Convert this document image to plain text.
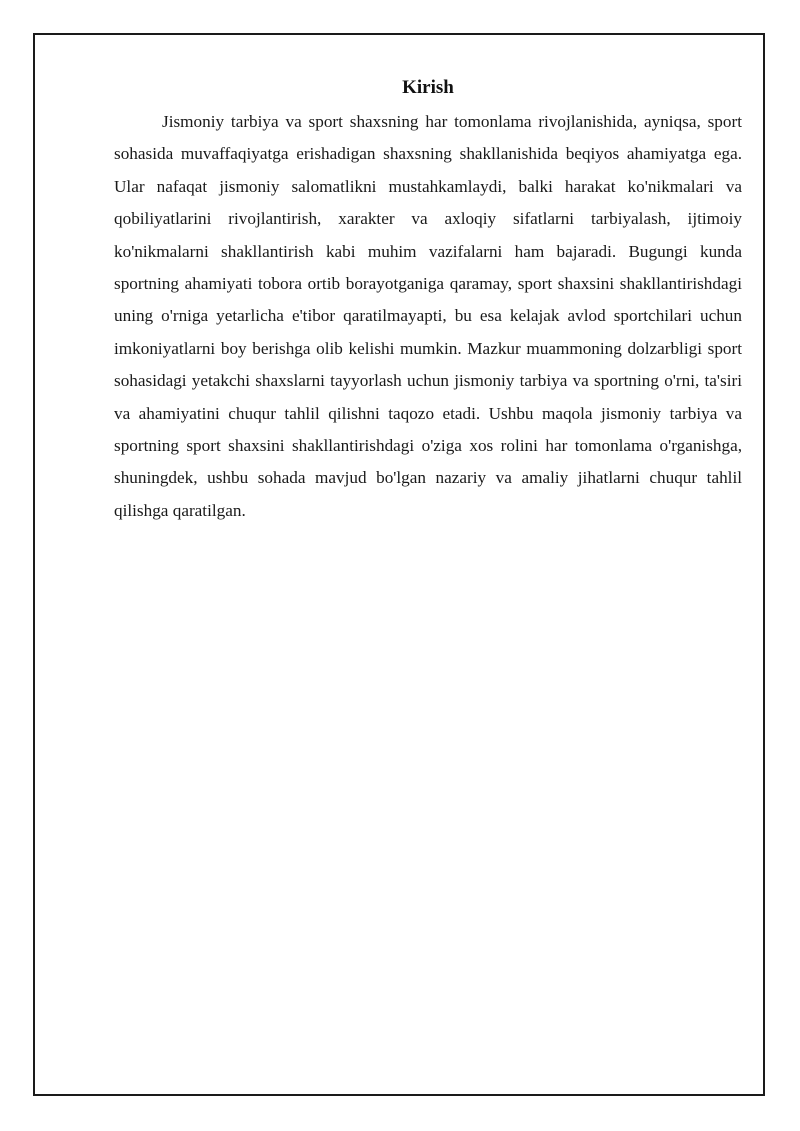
Kirish

Jismoniy tarbiya va sport shaxsning har tomonlama rivojlanishida, ayniqsa, sport sohasida muvaffaqiyatga erishadigan shaxsning shakllanishida beqiyos ahamiyatga ega. Ular nafaqat jismoniy salomatlikni mustahkamlaydi, balki harakat ko'nikmalari va qobiliyatlarini rivojlantirish, xarakter va axloqiy sifatlarni tarbiyalash, ijtimoiy ko'nikmalarni shakllantirish kabi muhim vazifalarni ham bajaradi. Bugungi kunda sportning ahamiyati tobora ortib borayotganiga qaramay, sport shaxsini shakllantirishdagi uning o'rniga yetarlicha e'tibor qaratilmayapti, bu esa kelajak avlod sportchilari uchun imkoniyatlarni boy berishga olib kelishi mumkin. Mazkur muammoning dolzarbligi sport sohasidagi yetakchi shaxslarni tayyorlash uchun jismoniy tarbiya va sportning o'rni, ta'siri va ahamiyatini chuqur tahlil qilishni taqozo etadi. Ushbu maqola jismoniy tarbiya va sportning sport shaxsini shakllantirishdagi o'ziga xos rolini har tomonlama o'rganishga, shuningdek, ushbu sohada mavjud bo'lgan nazariy va amaliy jihatlarni chuqur tahlil qilishga qaratilgan.
